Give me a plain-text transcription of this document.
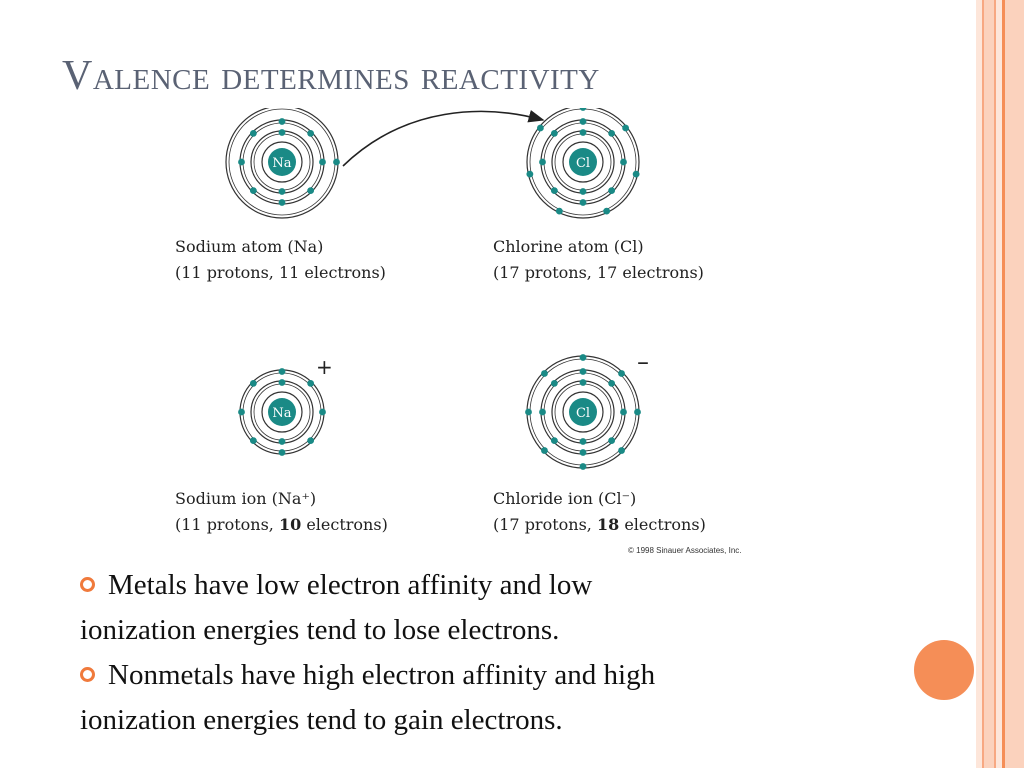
Valence determines reactivity
Na	Cl
Na	Cl
+	–
Sodium atom (Na)
(11 protons, 11 electrons)
Chlorine atom (Cl)
(17 protons, 17 electrons)
Sodium ion (Na⁺)
(11 protons, 10 electrons)
Chloride ion (Cl⁻)
(17 protons, 18 electrons)
© 1998 Sinauer Associates, Inc.
Metals have low electron affinity and low
ionization energies tend to lose electrons.
Nonmetals have high electron affinity and high
ionization energies tend to gain electrons.
